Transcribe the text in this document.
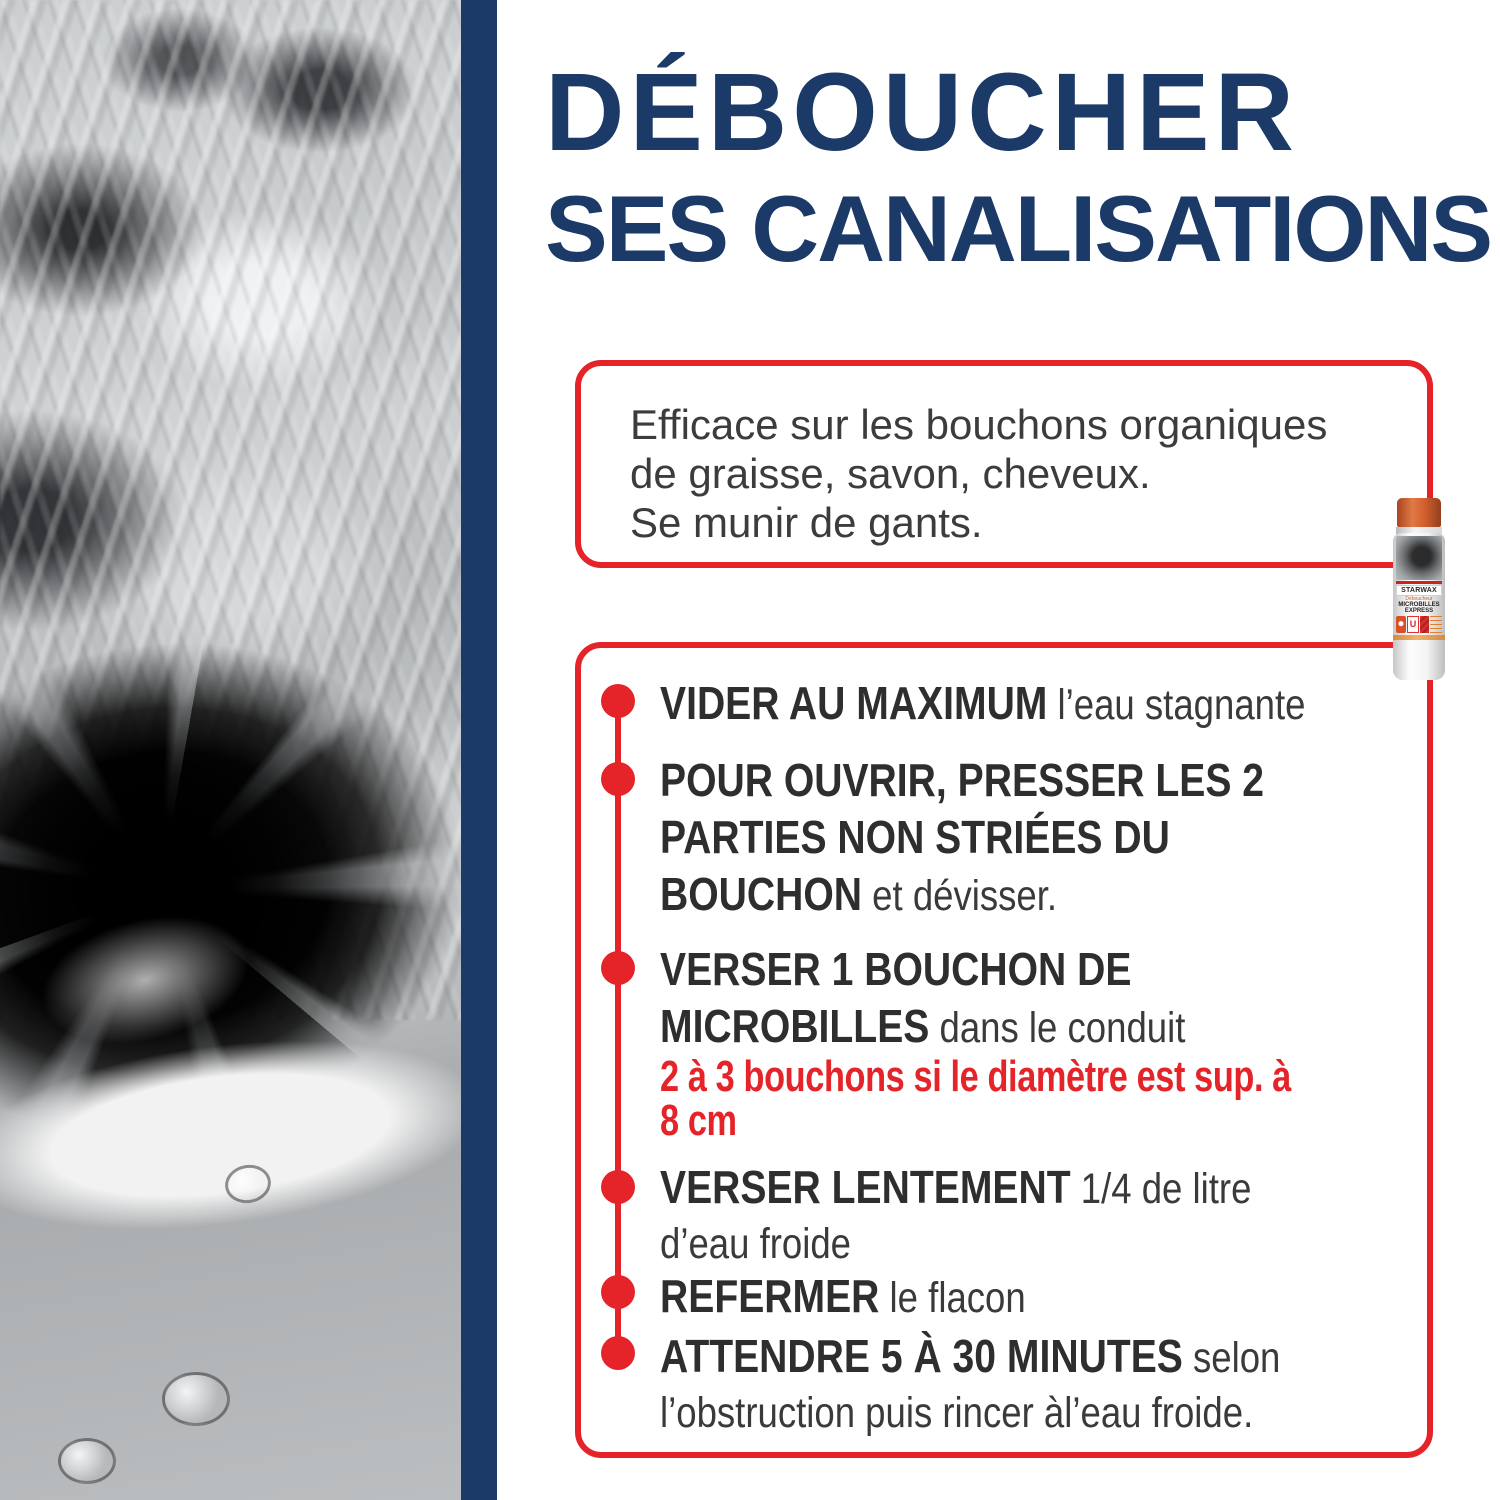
DÉBOUCHER
SES CANALISATIONS
Efficace sur les bouchons organiques
de graisse, savon, cheveux.
Se munir de gants.
VIDER AU MAXIMUM l’eau stagnante
POUR OUVRIR, PRESSER LES 2
PARTIES NON STRIÉES DU
BOUCHON et dévisser.
VERSER 1 BOUCHON DE
MICROBILLES dans le conduit
2 à 3 bouchons si le diamètre est sup. à
8 cm
VERSER LENTEMENT 1/4 de litre
d’eau froide
REFERMER le flacon
ATTENDRE 5 À 30 MINUTES selon
l’obstruction puis rincer àl’eau froide.
STARWAX
Déboucheur
MICROBILLES EXPRESS
U
